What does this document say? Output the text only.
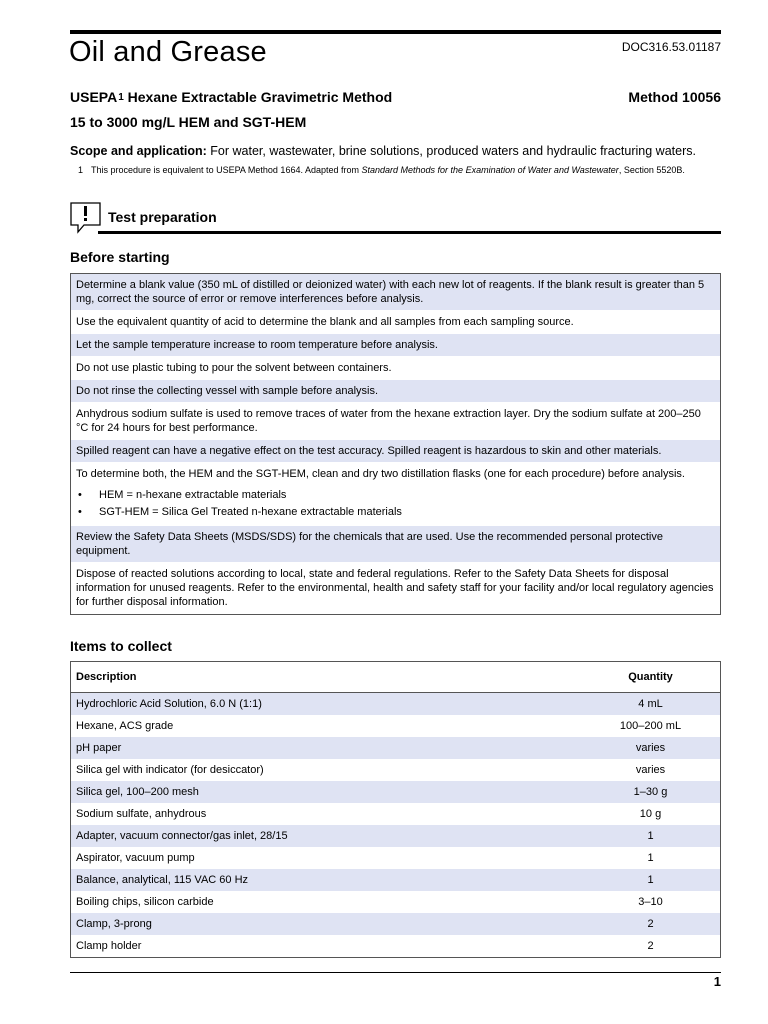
Oil and Grease	DOC316.53.01187
USEPA$^1$ Hexane Extractable Gravimetric Method	Method 10056
15 to 3000 mg/L HEM and SGT-HEM
Scope and application: For water, wastewater, brine solutions, produced waters and hydraulic fracturing waters.
1 This procedure is equivalent to USEPA Method 1664. Adapted from Standard Methods for the Examination of Water and Wastewater, Section 5520B.
Test preparation
Before starting
Determine a blank value (350 mL of distilled or deionized water) with each new lot of reagents. If the blank result is greater than 5 mg, correct the source of error or remove interferences before analysis.
Use the equivalent quantity of acid to determine the blank and all samples from each sampling source.
Let the sample temperature increase to room temperature before analysis.
Do not use plastic tubing to pour the solvent between containers.
Do not rinse the collecting vessel with sample before analysis.
Anhydrous sodium sulfate is used to remove traces of water from the hexane extraction layer. Dry the sodium sulfate at 200–250 °C for 24 hours for best performance.
Spilled reagent can have a negative effect on the test accuracy. Spilled reagent is hazardous to skin and other materials.
To determine both, the HEM and the SGT-HEM, clean and dry two distillation flasks (one for each procedure) before analysis.
• HEM = n-hexane extractable materials
• SGT-HEM = Silica Gel Treated n-hexane extractable materials
Review the Safety Data Sheets (MSDS/SDS) for the chemicals that are used. Use the recommended personal protective equipment.
Dispose of reacted solutions according to local, state and federal regulations. Refer to the Safety Data Sheets for disposal information for unused reagents. Refer to the environmental, health and safety staff for your facility and/or local regulatory agencies for further disposal information.
Items to collect
Description	Quantity
Hydrochloric Acid Solution, 6.0 N (1:1)	4 mL
Hexane, ACS grade	100–200 mL
pH paper	varies
Silica gel with indicator (for desiccator)	varies
Silica gel, 100–200 mesh	1–30 g
Sodium sulfate, anhydrous	10 g
Adapter, vacuum connector/gas inlet, 28/15	1
Aspirator, vacuum pump	1
Balance, analytical, 115 VAC 60 Hz	1
Boiling chips, silicon carbide	3–10
Clamp, 3-prong	2
Clamp holder	2
1
